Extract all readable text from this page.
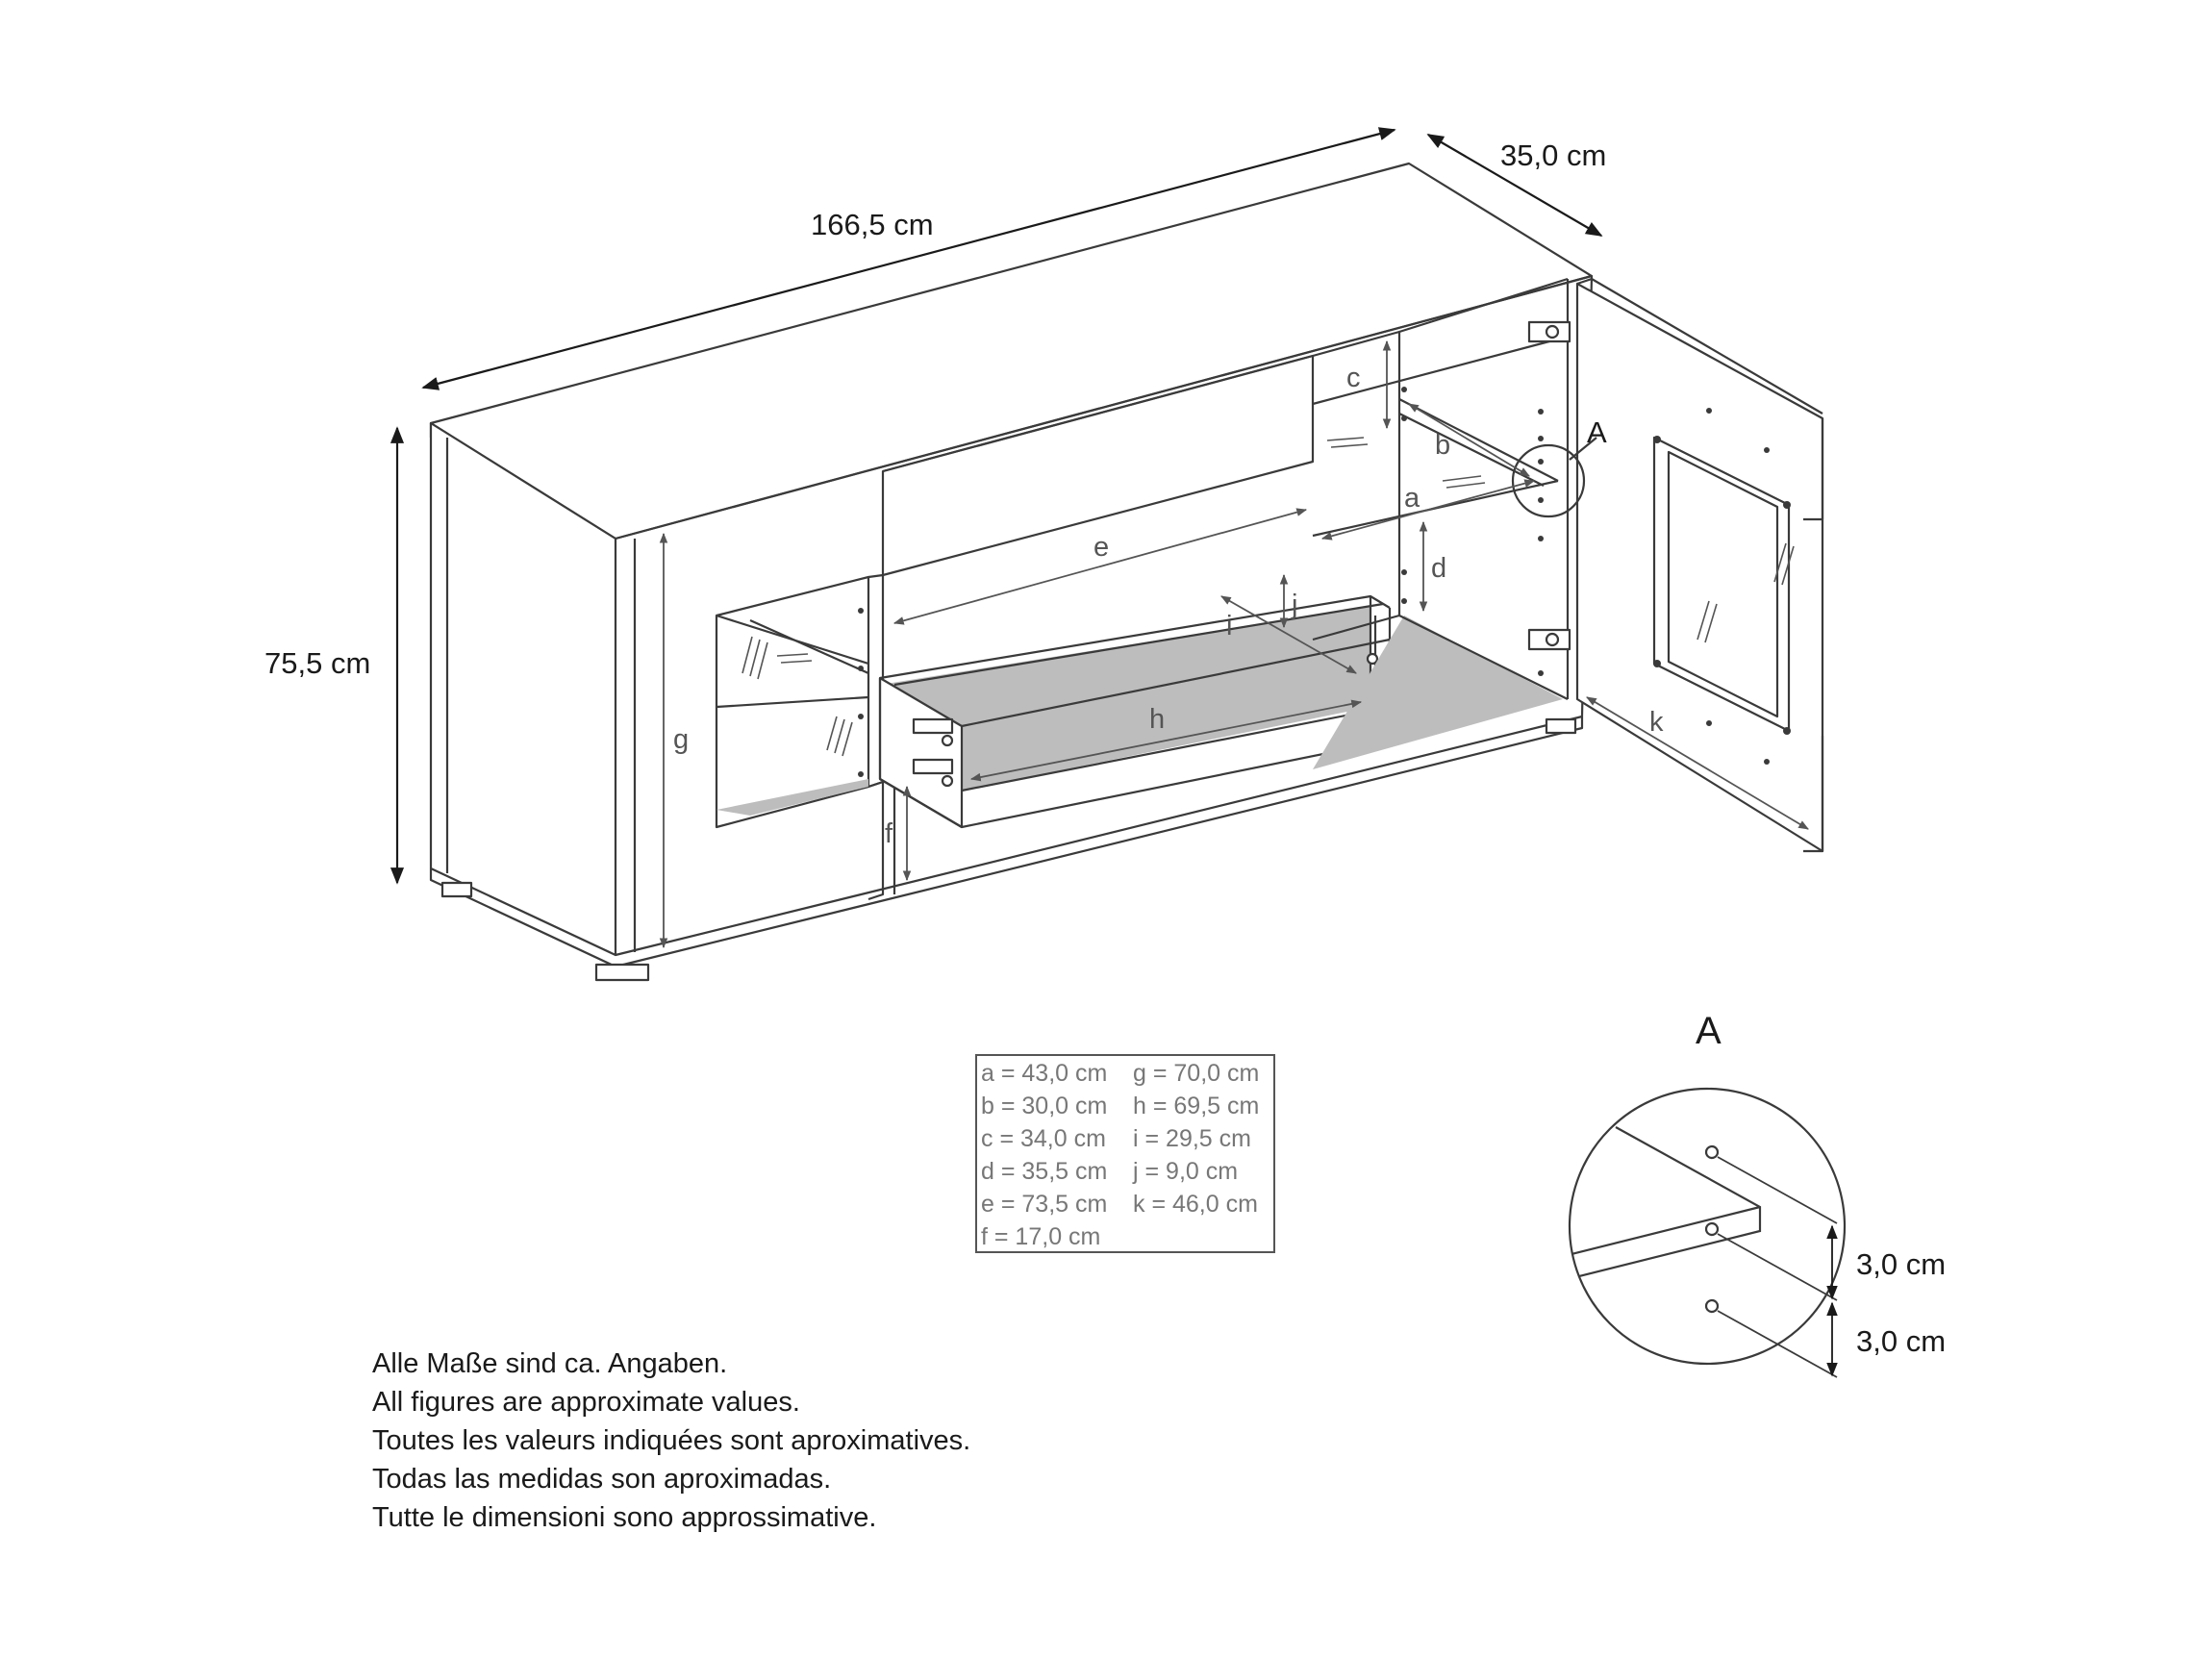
166,5 cm
35,0 cm
75,5 cm
a
b
c
d
e
f
g
h
i
j
k
A
a = 43,0 cm g = 70,0 cm
b = 30,0 cm h = 69,5 cm
c = 34,0 cm i = 29,5 cm
d = 35,5 cm j = 9,0 cm
e = 73,5 cm k = 46,0 cm
f = 17,0 cm
A
3,0 cm
3,0 cm
Alle Maße sind ca. Angaben.
All figures are approximate values.
Toutes les valeurs indiquées sont aproximatives.
Todas las medidas son aproximadas.
Tutte le dimensioni sono approssimative.
